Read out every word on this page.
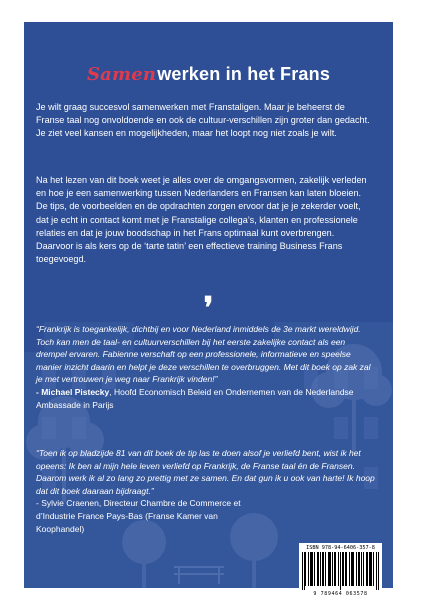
Samenwerken in het Frans
Je wilt graag succesvol samenwerken met Franstaligen. Maar je beheerst de Franse taal nog onvoldoende en ook de cultuur-verschillen zijn groter dan gedacht. Je ziet veel kansen en mogelijkheden, maar het loopt nog niet zoals je wilt.
Na het lezen van dit boek weet je alles over de omgangsvormen, zakelijk verleden en hoe je een samenwerking tussen Nederlanders en Fransen kan laten bloeien. De tips, de voorbeelden en de opdrachten zorgen ervoor dat je je zekerder voelt, dat je echt in contact komt met je Franstalige collega’s, klanten en professionele relaties en dat je jouw boodschap in het Frans optimaal kunt overbrengen. Daarvoor is als kers op de ‘tarte tatin’ een effectieve training Business Frans toegevoegd.
❜
“Frankrijk is toegankelijk, dichtbij en voor Nederland inmiddels de 3e markt wereldwijd. Toch kan men de taal- en cultuurverschillen bij het eerste zakelijke contact als een drempel ervaren. Fabienne verschaft op een professionele, informatieve en speelse manier inzicht daarin en helpt je deze verschillen te overbruggen. Met dit boek op zak zal je met vertrouwen je weg naar Frankrijk vinden!”
- Michael Pistecky, Hoofd Economisch Beleid en Ondernemen van de Nederlandse Ambassade in Parijs
“Toen ik op bladzijde 81 van dit boek de tip las te doen alsof je verliefd bent, wist ik het opeens: Ik ben al mijn hele leven verliefd op Frankrijk, de Franse taal én de Fransen. Daarom werk ik al zo lang zo prettig met ze samen. En dat gun ik u ook van harte! Ik hoop dat dit boek daaraan bijdraagt.”
- Sylvie Craenen, Directeur Chambre de Commerce et d’Industrie France Pays-Bas (Franse Kamer van Koophandel)
ISBN 978-94-6406-357-8
9 789464 063578
